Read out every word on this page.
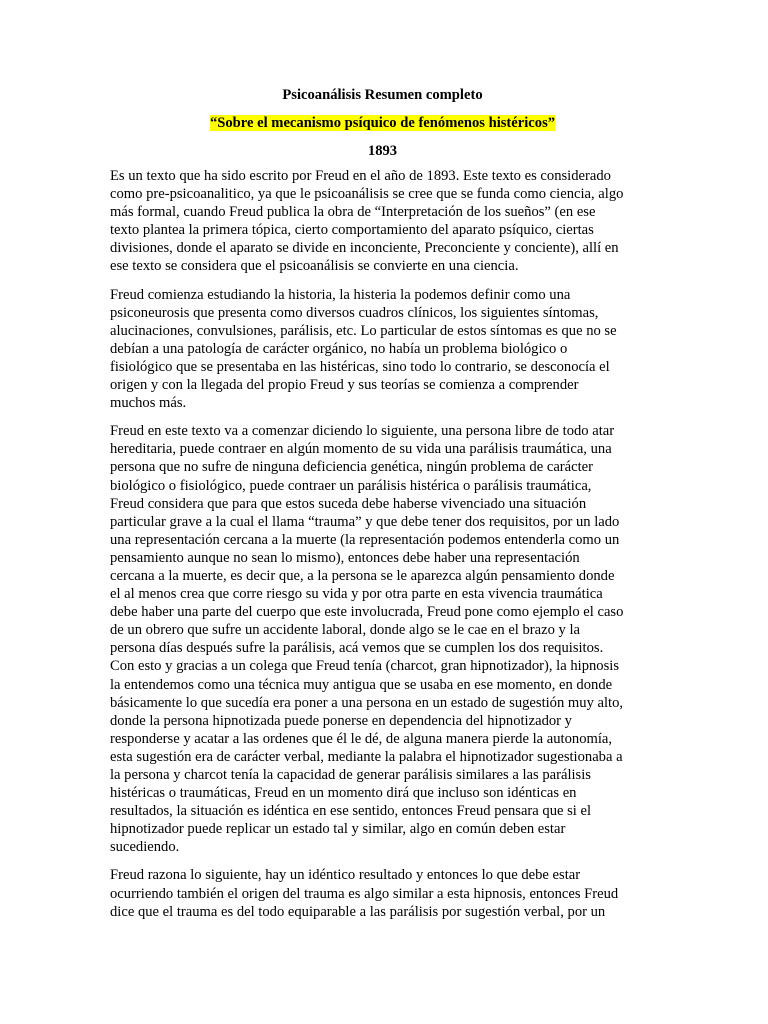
Psicoanálisis Resumen completo

“Sobre el mecanismo psíquico de fenómenos histéricos”

1893

Es un texto que ha sido escrito por Freud en el año de 1893. Este texto es considerado
como pre-psicoanalitico, ya que le psicoanálisis se cree que se funda como ciencia, algo
más formal, cuando Freud publica la obra de “Interpretación de los sueños” (en ese
texto plantea la primera tópica, cierto comportamiento del aparato psíquico, ciertas
divisiones, donde el aparato se divide en inconciente, Preconciente y conciente), allí en
ese texto se considera que el psicoanálisis se convierte en una ciencia.

Freud comienza estudiando la historia, la histeria la podemos definir como una
psiconeurosis que presenta como diversos cuadros clínicos, los siguientes síntomas,
alucinaciones, convulsiones, parálisis, etc. Lo particular de estos síntomas es que no se
debían a una patología de carácter orgánico, no había un problema biológico o
fisiológico que se presentaba en las histéricas, sino todo lo contrario, se desconocía el
origen y con la llegada del propio Freud y sus teorías se comienza a comprender
muchos más.

Freud en este texto va a comenzar diciendo lo siguiente, una persona libre de todo atar
hereditaria, puede contraer en algún momento de su vida una parálisis traumática, una
persona que no sufre de ninguna deficiencia genética, ningún problema de carácter
biológico o fisiológico, puede contraer un parálisis histérica o parálisis traumática,
Freud considera que para que estos suceda debe haberse vivenciado una situación
particular grave a la cual el llama “trauma” y que debe tener dos requisitos, por un lado
una representación cercana a la muerte (la representación podemos entenderla como un
pensamiento aunque no sean lo mismo), entonces debe haber una representación
cercana a la muerte, es decir que, a la persona se le aparezca algún pensamiento donde
el al menos crea que corre riesgo su vida y por otra parte en esta vivencia traumática
debe haber una parte del cuerpo que este involucrada, Freud pone como ejemplo el caso
de un obrero que sufre un accidente laboral, donde algo se le cae en el brazo y la
persona días después sufre la parálisis, acá vemos que se cumplen los dos requisitos.
Con esto y gracias a un colega que Freud tenía (charcot, gran hipnotizador), la hipnosis
la entendemos como una técnica muy antigua que se usaba en ese momento, en donde
básicamente lo que sucedía era poner a una persona en un estado de sugestión muy alto,
donde la persona hipnotizada puede ponerse en dependencia del hipnotizador y
responderse y acatar a las ordenes que él le dé, de alguna manera pierde la autonomía,
esta sugestión era de carácter verbal, mediante la palabra el hipnotizador sugestionaba a
la persona y charcot tenía la capacidad de generar parálisis similares a las parálisis
histéricas o traumáticas, Freud en un momento dirá que incluso son idénticas en
resultados, la situación es idéntica en ese sentido, entonces Freud pensara que si el
hipnotizador puede replicar un estado tal y similar, algo en común deben estar
sucediendo.

Freud razona lo siguiente, hay un idéntico resultado y entonces lo que debe estar
ocurriendo también el origen del trauma es algo similar a esta hipnosis, entonces Freud
dice que el trauma es del todo equiparable a las parálisis por sugestión verbal, por un
